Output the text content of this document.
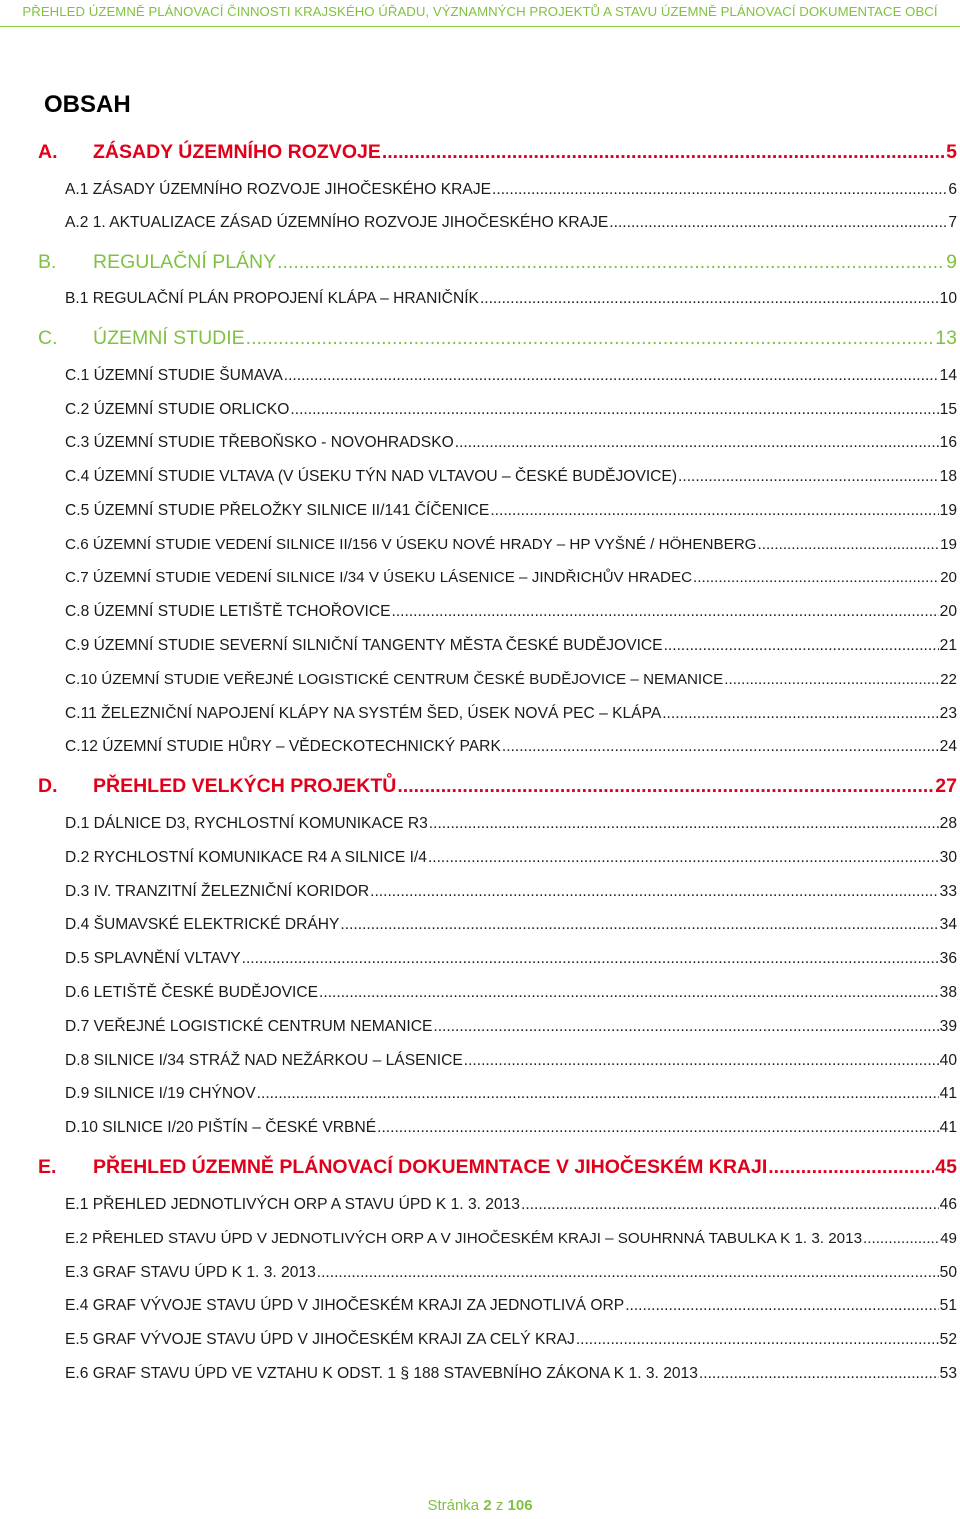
PŘEHLED ÚZEMNĚ PLÁNOVACÍ ČINNOSTI KRAJSKÉHO ÚŘADU, VÝZNAMNÝCH PROJEKTŮ A STAVU ÚZEMNĚ PLÁNOVACÍ DOKUMENTACE OBCÍ
OBSAH
A. ZÁSADY ÚZEMNÍHO ROZVOJE .....	5
A.1 ZÁSADY ÚZEMNÍHO ROZVOJE JIHOČESKÉHO KRAJE .....	6
A.2 1. AKTUALIZACE ZÁSAD ÚZEMNÍHO ROZVOJE JIHOČESKÉHO KRAJE .....	7
B. REGULAČNÍ PLÁNY .....	9
B.1 REGULAČNÍ PLÁN PROPOJENÍ KLÁPA – HRANIČNÍK .....	10
C. ÚZEMNÍ STUDIE .....	13
C.1 ÚZEMNÍ STUDIE ŠUMAVA .....	14
C.2 ÚZEMNÍ STUDIE ORLICKO .....	15
C.3 ÚZEMNÍ STUDIE TŘEBOŇSKO - NOVOHRADSKO .....	16
C.4 ÚZEMNÍ STUDIE VLTAVA (V ÚSEKU TÝN NAD VLTAVOU – ČESKÉ BUDĚJOVICE) .....	18
C.5 ÚZEMNÍ STUDIE PŘELOŽKY SILNICE II/141 ČÍČENICE .....	19
C.6 ÚZEMNÍ STUDIE VEDENÍ SILNICE II/156 V ÚSEKU NOVÉ HRADY – HP VYŠNÉ / HÖHENBERG .....	19
C.7 ÚZEMNÍ STUDIE VEDENÍ SILNICE I/34 V ÚSEKU LÁSENICE – JINDŘICHŮV HRADEC .....	20
C.8 ÚZEMNÍ STUDIE LETIŠTĚ TCHOŘOVICE .....	20
C.9 ÚZEMNÍ STUDIE SEVERNÍ SILNIČNÍ TANGENTY MĚSTA ČESKÉ BUDĚJOVICE .....	21
C.10 ÚZEMNÍ STUDIE VEŘEJNÉ LOGISTICKÉ CENTRUM ČESKÉ BUDĚJOVICE – NEMANICE .....	22
C.11 ŽELEZNIČNÍ NAPOJENÍ KLÁPY NA SYSTÉM ŠED, ÚSEK NOVÁ PEC – KLÁPA .....	23
C.12 ÚZEMNÍ STUDIE HŮRY – VĚDECKOTECHNICKÝ PARK .....	24
D. PŘEHLED VELKÝCH PROJEKTŮ .....	27
D.1 DÁLNICE D3, RYCHLOSTNÍ KOMUNIKACE R3 .....	28
D.2 RYCHLOSTNÍ KOMUNIKACE R4 A SILNICE I/4 .....	30
D.3 IV. TRANZITNÍ ŽELEZNIČNÍ KORIDOR .....	33
D.4 ŠUMAVSKÉ ELEKTRICKÉ DRÁHY .....	34
D.5 SPLAVNĚNÍ VLTAVY .....	36
D.6 LETIŠTĚ ČESKÉ BUDĚJOVICE .....	38
D.7 VEŘEJNÉ LOGISTICKÉ CENTRUM NEMANICE .....	39
D.8 SILNICE I/34 STRÁŽ NAD NEŽÁRKOU – LÁSENICE .....	40
D.9 SILNICE I/19 CHÝNOV .....	41
D.10 SILNICE I/20 PIŠTÍN – ČESKÉ VRBNÉ .....	41
E. PŘEHLED ÚZEMNĚ PLÁNOVACÍ DOKUEMNTACE V JIHOČESKÉM KRAJI .....	45
E.1 PŘEHLED JEDNOTLIVÝCH ORP A STAVU ÚPD K 1. 3. 2013 .....	46
E.2 PŘEHLED STAVU ÚPD V JEDNOTLIVÝCH ORP A V JIHOČESKÉM KRAJI – SOUHRNNÁ TABULKA K 1. 3. 2013 .....	49
E.3 GRAF STAVU ÚPD K 1. 3. 2013 .....	50
E.4 GRAF VÝVOJE STAVU ÚPD V JIHOČESKÉM KRAJI ZA JEDNOTLIVÁ ORP .....	51
E.5 GRAF VÝVOJE STAVU ÚPD V JIHOČESKÉM KRAJI ZA CELÝ KRAJ .....	52
E.6 GRAF STAVU ÚPD VE VZTAHU K ODST. 1 § 188 STAVEBNÍHO ZÁKONA K 1. 3. 2013 .....	53
Stránka 2 z 106
